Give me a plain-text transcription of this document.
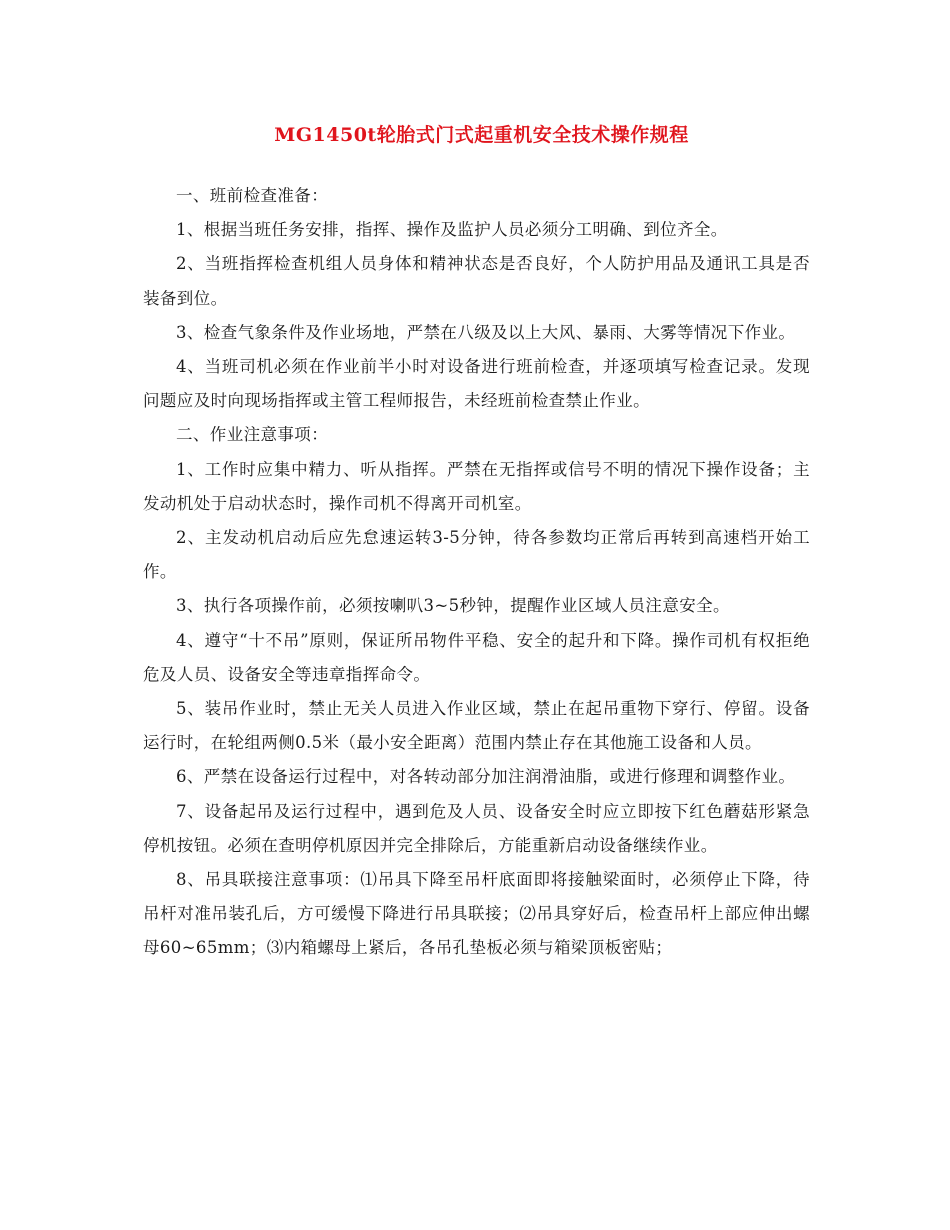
MG1450t轮胎式门式起重机安全技术操作规程

一、班前检查准备：

1、根据当班任务安排，指挥、操作及监护人员必须分工明确、到位齐全。

2、当班指挥检查机组人员身体和精神状态是否良好，个人防护用品及通讯工具是否装备到位。

3、检查气象条件及作业场地，严禁在八级及以上大风、暴雨、大雾等情况下作业。

4、当班司机必须在作业前半小时对设备进行班前检查，并逐项填写检查记录。发现问题应及时向现场指挥或主管工程师报告，未经班前检查禁止作业。

二、作业注意事项：

1、工作时应集中精力、听从指挥。严禁在无指挥或信号不明的情况下操作设备；主发动机处于启动状态时，操作司机不得离开司机室。

2、主发动机启动后应先怠速运转3-5分钟，待各参数均正常后再转到高速档开始工作。

3、执行各项操作前，必须按喇叭3~5秒钟，提醒作业区域人员注意安全。

4、遵守“十不吊”原则，保证所吊物件平稳、安全的起升和下降。操作司机有权拒绝危及人员、设备安全等违章指挥命令。

5、装吊作业时，禁止无关人员进入作业区域，禁止在起吊重物下穿行、停留。设备运行时，在轮组两侧0.5米（最小安全距离）范围内禁止存在其他施工设备和人员。

6、严禁在设备运行过程中，对各转动部分加注润滑油脂，或进行修理和调整作业。

7、设备起吊及运行过程中，遇到危及人员、设备安全时应立即按下红色蘑菇形紧急停机按钮。必须在查明停机原因并完全排除后，方能重新启动设备继续作业。

8、吊具联接注意事项：⑴吊具下降至吊杆底面即将接触梁面时，必须停止下降，待吊杆对准吊装孔后，方可缓慢下降进行吊具联接；⑵吊具穿好后，检查吊杆上部应伸出螺母60~65mm；⑶内箱螺母上紧后，各吊孔垫板必须与箱梁顶板密贴；
